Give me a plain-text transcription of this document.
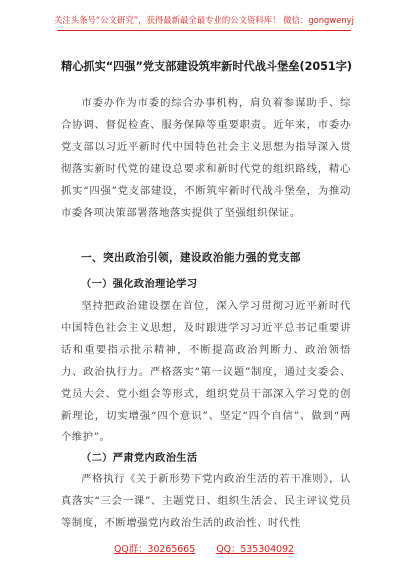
关注头条号“公文研究”，获得最新最全最专业的公文资料库！ 微信：gongwenyj
精心抓实“四强”党支部建设筑牢新时代战斗堡垒(2051字)
市委办作为市委的综合办事机构，肩负着参谋助手、综合协调、督促检查、服务保障等重要职责。近年来，市委办党支部以习近平新时代中国特色社会主义思想为指导深入贯彻落实新时代党的建设总要求和新时代党的组织路线，精心抓实“四强”党支部建设，不断筑牢新时代战斗堡垒，为推动市委各项决策部署落地落实提供了坚强组织保证。
一、突出政治引领，建设政治能力强的党支部
（一）强化政治理论学习
坚持把政治建设摆在首位，深入学习贯彻习近平新时代中国特色社会主义思想，及时跟进学习习近平总书记重要讲话和重要指示批示精神，不断提高政治判断力、政治领悟力、政治执行力。严格落实“第一议题”制度，通过支委会、党员大会、党小组会等形式，组织党员干部深入学习党的创新理论，切实增强“四个意识”、坚定“四个自信”、做到“两个维护”。
（二）严肃党内政治生活
严格执行《关于新形势下党内政治生活的若干准则》，认真落实“三会一课”、主题党日、组织生活会、民主评议党员等制度，不断增强党内政治生活的政治性、时代性
QQ群：30265665 QQ：535304092
